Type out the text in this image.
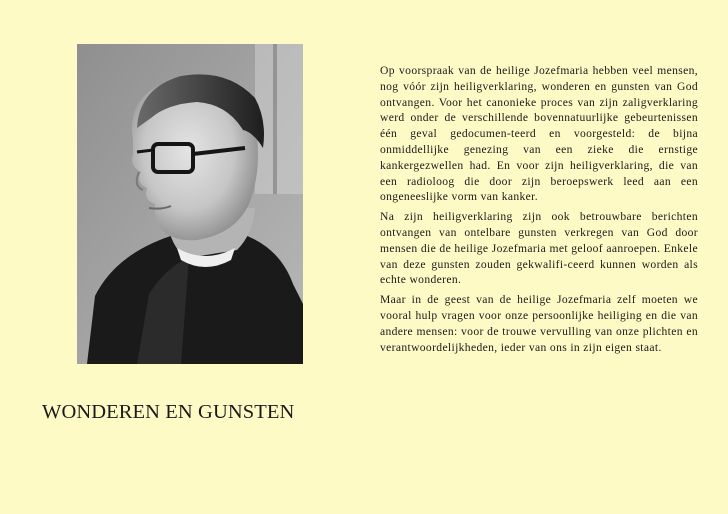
WONDEREN EN GUNSTEN

Op voorspraak van de heilige Jozefmaria hebben veel mensen, nog vóór zijn heiligverklaring, wonderen en gunsten van God ontvangen. Voor het canonieke proces van zijn zaligverklaring werd onder de verschillende bovennatuurlijke gebeurtenissen één geval gedocumen-teerd en voorgesteld: de bijna onmiddellijke genezing van een zieke die ernstige kankergezwellen had. En voor zijn heiligverklaring, die van een radioloog die door zijn beroepswerk leed aan een ongeneeslijke vorm van kanker.

Na zijn heiligverklaring zijn ook betrouwbare berichten ontvangen van ontelbare gunsten verkregen van God door mensen die de heilige Jozefmaria met geloof aanroepen. Enkele van deze gunsten zouden gekwalifi-ceerd kunnen worden als echte wonderen.

Maar in de geest van de heilige Jozefmaria zelf moeten we vooral hulp vragen voor onze persoonlijke heiliging en die van andere mensen: voor de trouwe vervulling van onze plichten en verantwoordelijkheden, ieder van ons in zijn eigen staat.
